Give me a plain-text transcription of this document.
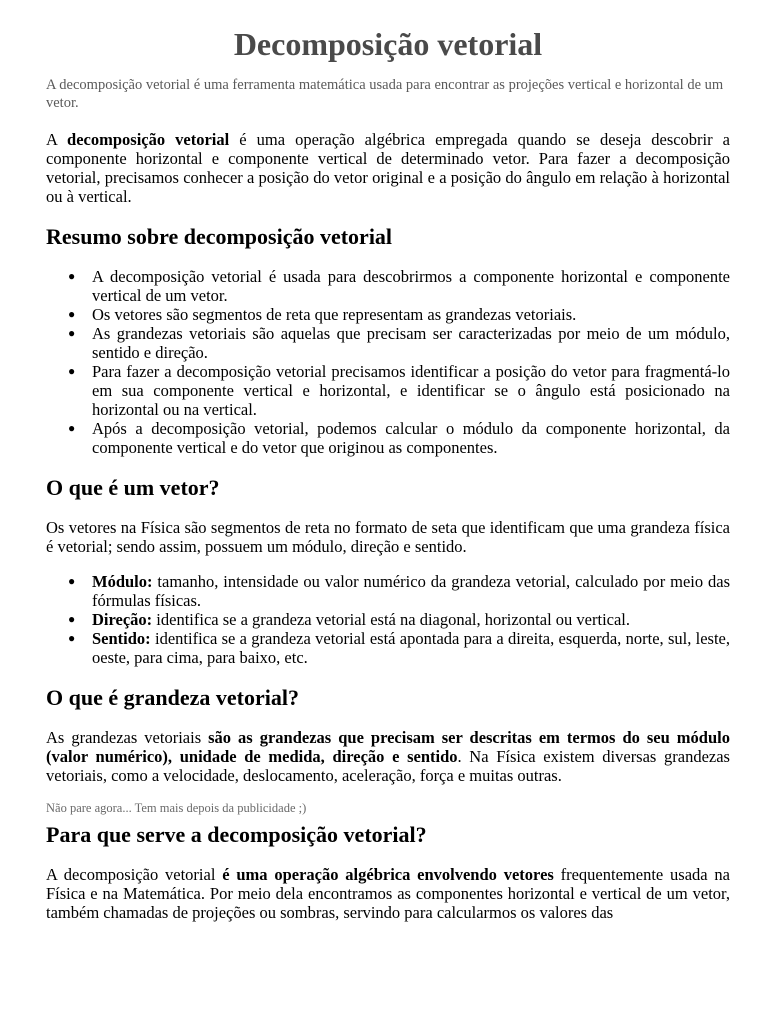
Decomposição vetorial

A decomposição vetorial é uma ferramenta matemática usada para encontrar as projeções vertical e horizontal de um vetor.

A decomposição vetorial é uma operação algébrica empregada quando se deseja descobrir a componente horizontal e componente vertical de determinado vetor. Para fazer a decomposição vetorial, precisamos conhecer a posição do vetor original e a posição do ângulo em relação à horizontal ou à vertical.

Resumo sobre decomposição vetorial
● A decomposição vetorial é usada para descobrirmos a componente horizontal e componente vertical de um vetor.
● Os vetores são segmentos de reta que representam as grandezas vetoriais.
● As grandezas vetoriais são aquelas que precisam ser caracterizadas por meio de um módulo, sentido e direção.
● Para fazer a decomposição vetorial precisamos identificar a posição do vetor para fragmentá-lo em sua componente vertical e horizontal, e identificar se o ângulo está posicionado na horizontal ou na vertical.
● Após a decomposição vetorial, podemos calcular o módulo da componente horizontal, da componente vertical e do vetor que originou as componentes.
O que é um vetor?

Os vetores na Física são segmentos de reta no formato de seta que identificam que uma grandeza física é vetorial; sendo assim, possuem um módulo, direção e sentido.

● Módulo: tamanho, intensidade ou valor numérico da grandeza vetorial, calculado por meio das fórmulas físicas.
● Direção: identifica se a grandeza vetorial está na diagonal, horizontal ou vertical.
● Sentido: identifica se a grandeza vetorial está apontada para a direita, esquerda, norte, sul, leste, oeste, para cima, para baixo, etc.
O que é grandeza vetorial?

As grandezas vetoriais são as grandezas que precisam ser descritas em termos do seu módulo (valor numérico), unidade de medida, direção e sentido. Na Física existem diversas grandezas vetoriais, como a velocidade, deslocamento, aceleração, força e muitas outras.

Não pare agora... Tem mais depois da publicidade ;)

Para que serve a decomposição vetorial?

A decomposição vetorial é uma operação algébrica envolvendo vetores frequentemente usada na Física e na Matemática. Por meio dela encontramos as componentes horizontal e vertical de um vetor, também chamadas de projeções ou sombras, servindo para calcularmos os valores das
